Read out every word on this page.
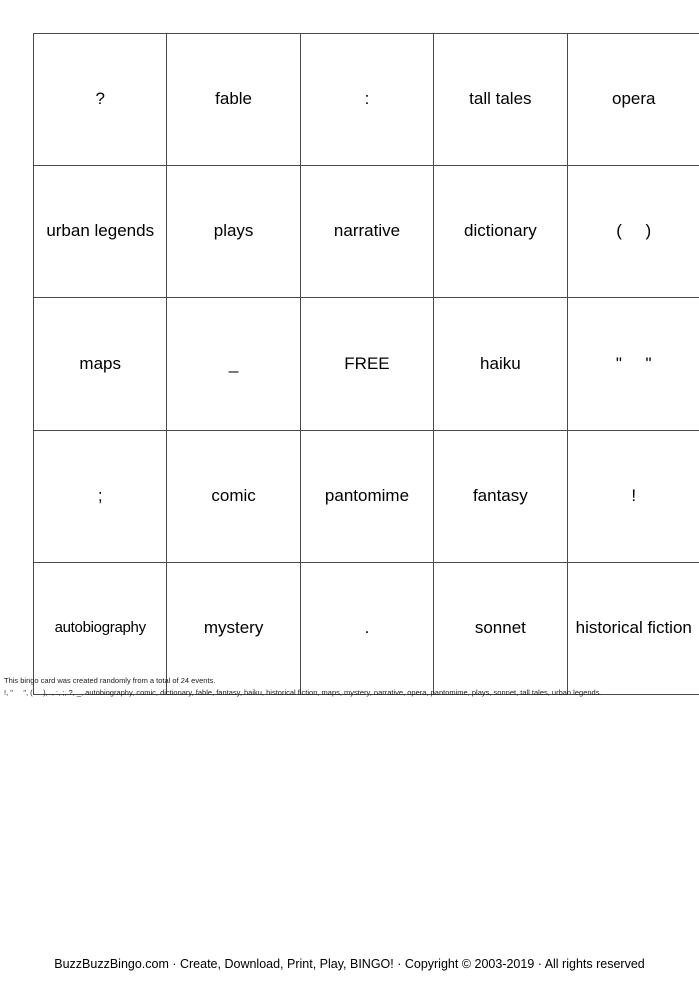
?	fable	:	tall tales	opera

urban legends	plays	narrative	dictionary	(     )

maps	_	FREE	haiku	"     "

;	comic	pantomime	fantasy	!

autobiography	mystery	.	sonnet	historical fiction
This bingo card was created randomly from a total of 24 events.
!, "     ", (     ), ., :, ;, ?, _, autobiography, comic, dictionary, fable, fantasy, haiku, historical fiction, maps, mystery, narrative, opera, pantomime, plays, sonnet, tall tales, urban legends.
BuzzBuzzBingo.com · Create, Download, Print, Play, BINGO! · Copyright © 2003-2019 · All rights reserved
